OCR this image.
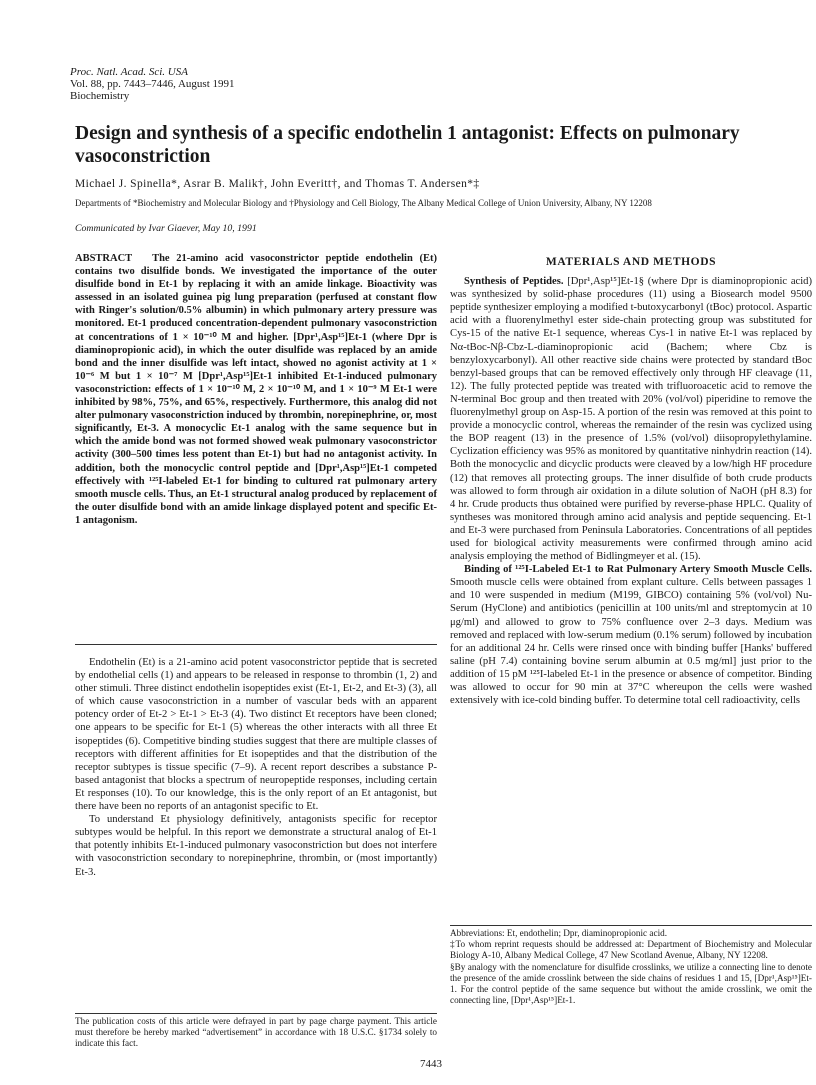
Proc. Natl. Acad. Sci. USA
Vol. 88, pp. 7443–7446, August 1991
Biochemistry
Design and synthesis of a specific endothelin 1 antagonist: Effects on pulmonary vasoconstriction
Michael J. Spinella*, Asrar B. Malik†, John Everitt†, and Thomas T. Andersen*‡
Departments of *Biochemistry and Molecular Biology and †Physiology and Cell Biology, The Albany Medical College of Union University, Albany, NY 12208
Communicated by Ivar Giaever, May 10, 1991
ABSTRACT The 21-amino acid vasoconstrictor peptide endothelin (Et) contains two disulfide bonds. We investigated the importance of the outer disulfide bond in Et-1 by replacing it with an amide linkage. Bioactivity was assessed in an isolated guinea pig lung preparation (perfused at constant flow with Ringer's solution/0.5% albumin) in which pulmonary artery pressure was monitored. Et-1 produced concentration-dependent pulmonary vasoconstriction at concentrations of 1 × 10⁻¹⁰ M and higher. [Dpr¹,Asp¹⁵]Et-1 (where Dpr is diaminopropionic acid), in which the outer disulfide was replaced by an amide bond and the inner disulfide was left intact, showed no agonist activity at 1 × 10⁻⁶ M but 1 × 10⁻⁷ M [Dpr¹,Asp¹⁵]Et-1 inhibited Et-1-induced pulmonary vasoconstriction: effects of 1 × 10⁻¹⁰ M, 2 × 10⁻¹⁰ M, and 1 × 10⁻⁹ M Et-1 were inhibited by 98%, 75%, and 65%, respectively. Furthermore, this analog did not alter pulmonary vasoconstriction induced by thrombin, norepinephrine, or, most significantly, Et-3. A monocyclic Et-1 analog with the same sequence but in which the amide bond was not formed showed weak pulmonary vasoconstrictor activity (300–500 times less potent than Et-1) but had no antagonist activity. In addition, both the monocyclic control peptide and [Dpr¹,Asp¹⁵]Et-1 competed effectively with ¹²⁵I-labeled Et-1 for binding to cultured rat pulmonary artery smooth muscle cells. Thus, an Et-1 structural analog produced by replacement of the outer disulfide bond with an amide linkage displayed potent and specific Et-1 antagonism.

Endothelin (Et) is a 21-amino acid potent vasoconstrictor peptide that is secreted by endothelial cells (1) and appears to be released in response to thrombin (1, 2) and other stimuli. Three distinct endothelin isopeptides exist (Et-1, Et-2, and Et-3) (3), all of which cause vasoconstriction in a number of vascular beds with an apparent potency order of Et-2 > Et-1 > Et-3 (4). Two distinct Et receptors have been cloned; one appears to be specific for Et-1 (5) whereas the other interacts with all three Et isopeptides (6). Competitive binding studies suggest that there are multiple classes of receptors with different affinities for Et isopeptides and that the distribution of the receptor subtypes is tissue specific (7–9). A recent report describes a substance P-based antagonist that blocks a spectrum of neuropeptide responses, including certain Et responses (10). To our knowledge, this is the only report of an Et antagonist, but there have been no reports of an antagonist specific to Et.

To understand Et physiology definitively, antagonists specific for receptor subtypes would be helpful. In this report we demonstrate a structural analog of Et-1 that potently inhibits Et-1-induced pulmonary vasoconstriction but does not interfere with vasoconstriction secondary to norepinephrine, thrombin, or (most importantly) Et-3.

The publication costs of this article were defrayed in part by page charge payment. This article must therefore be hereby marked “advertisement” in accordance with 18 U.S.C. §1734 solely to indicate this fact.

MATERIALS AND METHODS

Synthesis of Peptides. [Dpr¹,Asp¹⁵]Et-1§ (where Dpr is diaminopropionic acid) was synthesized by solid-phase procedures (11) using a Biosearch model 9500 peptide synthesizer employing a modified t-butoxycarbonyl (tBoc) protocol. Aspartic acid with a fluorenylmethyl ester side-chain protecting group was substituted for Cys-15 of the native Et-1 sequence, whereas Cys-1 in native Et-1 was replaced by Nα-tBoc-Nβ-Cbz-L-diaminopropionic acid (Bachem; where Cbz is benzyloxycarbonyl). All other reactive side chains were protected by standard tBoc benzyl-based groups that can be removed effectively only through HF cleavage (11, 12). The fully protected peptide was treated with trifluoroacetic acid to remove the N-terminal Boc group and then treated with 20% (vol/vol) piperidine to remove the fluorenylmethyl group on Asp-15. A portion of the resin was removed at this point to provide a monocyclic control, whereas the remainder of the resin was cyclized using the BOP reagent (13) in the presence of 1.5% (vol/vol) diisopropylethylamine. Cyclization efficiency was 95% as monitored by quantitative ninhydrin reaction (14). Both the monocyclic and dicyclic products were cleaved by a low/high HF procedure (12) that removes all protecting groups. The inner disulfide of both crude products was allowed to form through air oxidation in a dilute solution of NaOH (pH 8.3) for 4 hr. Crude products thus obtained were purified by reverse-phase HPLC. Quality of syntheses was monitored through amino acid analysis and peptide sequencing. Et-1 and Et-3 were purchased from Peninsula Laboratories. Concentrations of all peptides used for biological activity measurements were confirmed through amino acid analysis employing the method of Bidlingmeyer et al. (15).

Binding of ¹²⁵I-Labeled Et-1 to Rat Pulmonary Artery Smooth Muscle Cells. Smooth muscle cells were obtained from explant culture. Cells between passages 1 and 10 were suspended in medium (M199, GIBCO) containing 5% (vol/vol) Nu-Serum (HyClone) and antibiotics (penicillin at 100 units/ml and streptomycin at 10 μg/ml) and allowed to grow to 75% confluence over 2–3 days. Medium was removed and replaced with low-serum medium (0.1% serum) followed by incubation for an additional 24 hr. Cells were rinsed once with binding buffer [Hanks' buffered saline (pH 7.4) containing bovine serum albumin at 0.5 mg/ml] just prior to the addition of 15 pM ¹²⁵I-labeled Et-1 in the presence or absence of competitor. Binding was allowed to occur for 90 min at 37°C whereupon the cells were washed extensively with ice-cold binding buffer. To determine total cell radioactivity, cells

Abbreviations: Et, endothelin; Dpr, diaminopropionic acid.

‡To whom reprint requests should be addressed at: Department of Biochemistry and Molecular Biology A-10, Albany Medical College, 47 New Scotland Avenue, Albany, NY 12208.

§By analogy with the nomenclature for disulfide crosslinks, we utilize a connecting line to denote the presence of the amide crosslink between the side chains of residues 1 and 15, [Dpr¹,Asp¹⁵]Et-1. For the control peptide of the same sequence but without the amide crosslink, we omit the connecting line, [Dpr¹,Asp¹⁵]Et-1.

7443
